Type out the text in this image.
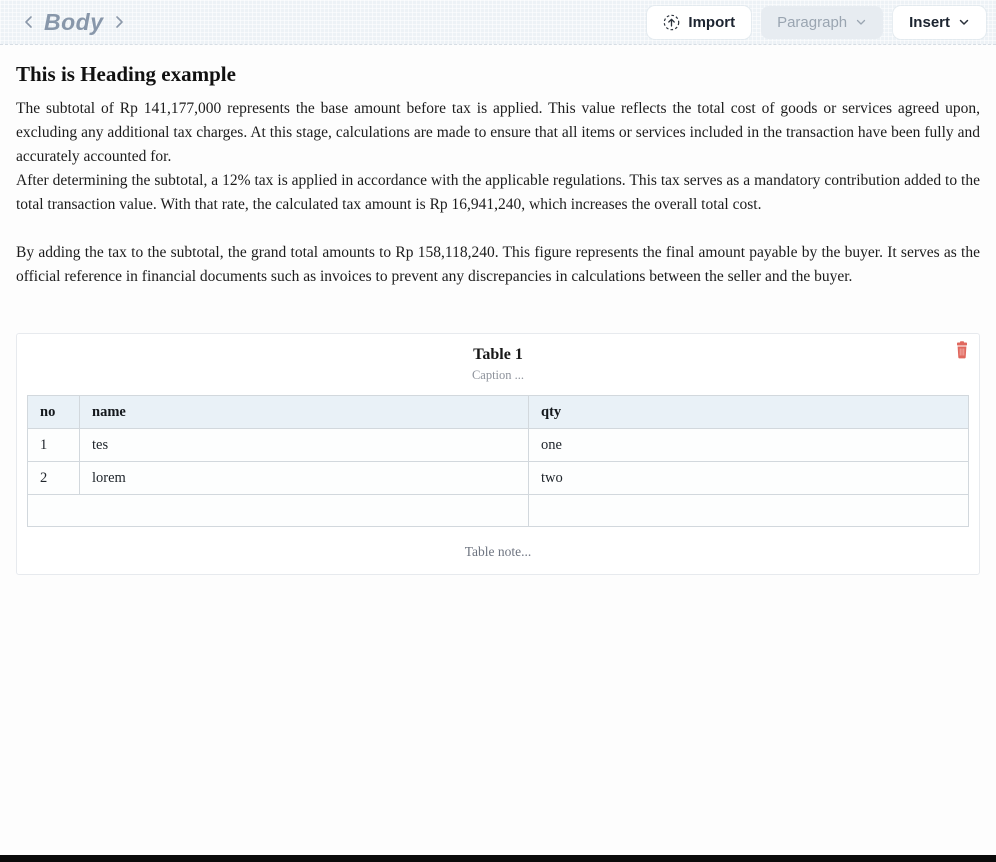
Body	Import	Paragraph	Insert
This is Heading example

The subtotal of Rp 141,177,000 represents the base amount before tax is applied. This value reflects the total cost of goods or services agreed upon, excluding any additional tax charges. At this stage, calculations are made to ensure that all items or services included in the transaction have been fully and accurately accounted for.

After determining the subtotal, a 12% tax is applied in accordance with the applicable regulations. This tax serves as a mandatory contribution added to the total transaction value. With that rate, the calculated tax amount is Rp 16,941,240, which increases the overall total cost.

By adding the tax to the subtotal, the grand total amounts to Rp 158,118,240. This figure represents the final amount payable by the buyer. It serves as the official reference in financial documents such as invoices to prevent any discrepancies in calculations between the seller and the buyer.

Table 1
Caption ...
no	name	qty
1	tes	one
2	lorem	two

Table note...
